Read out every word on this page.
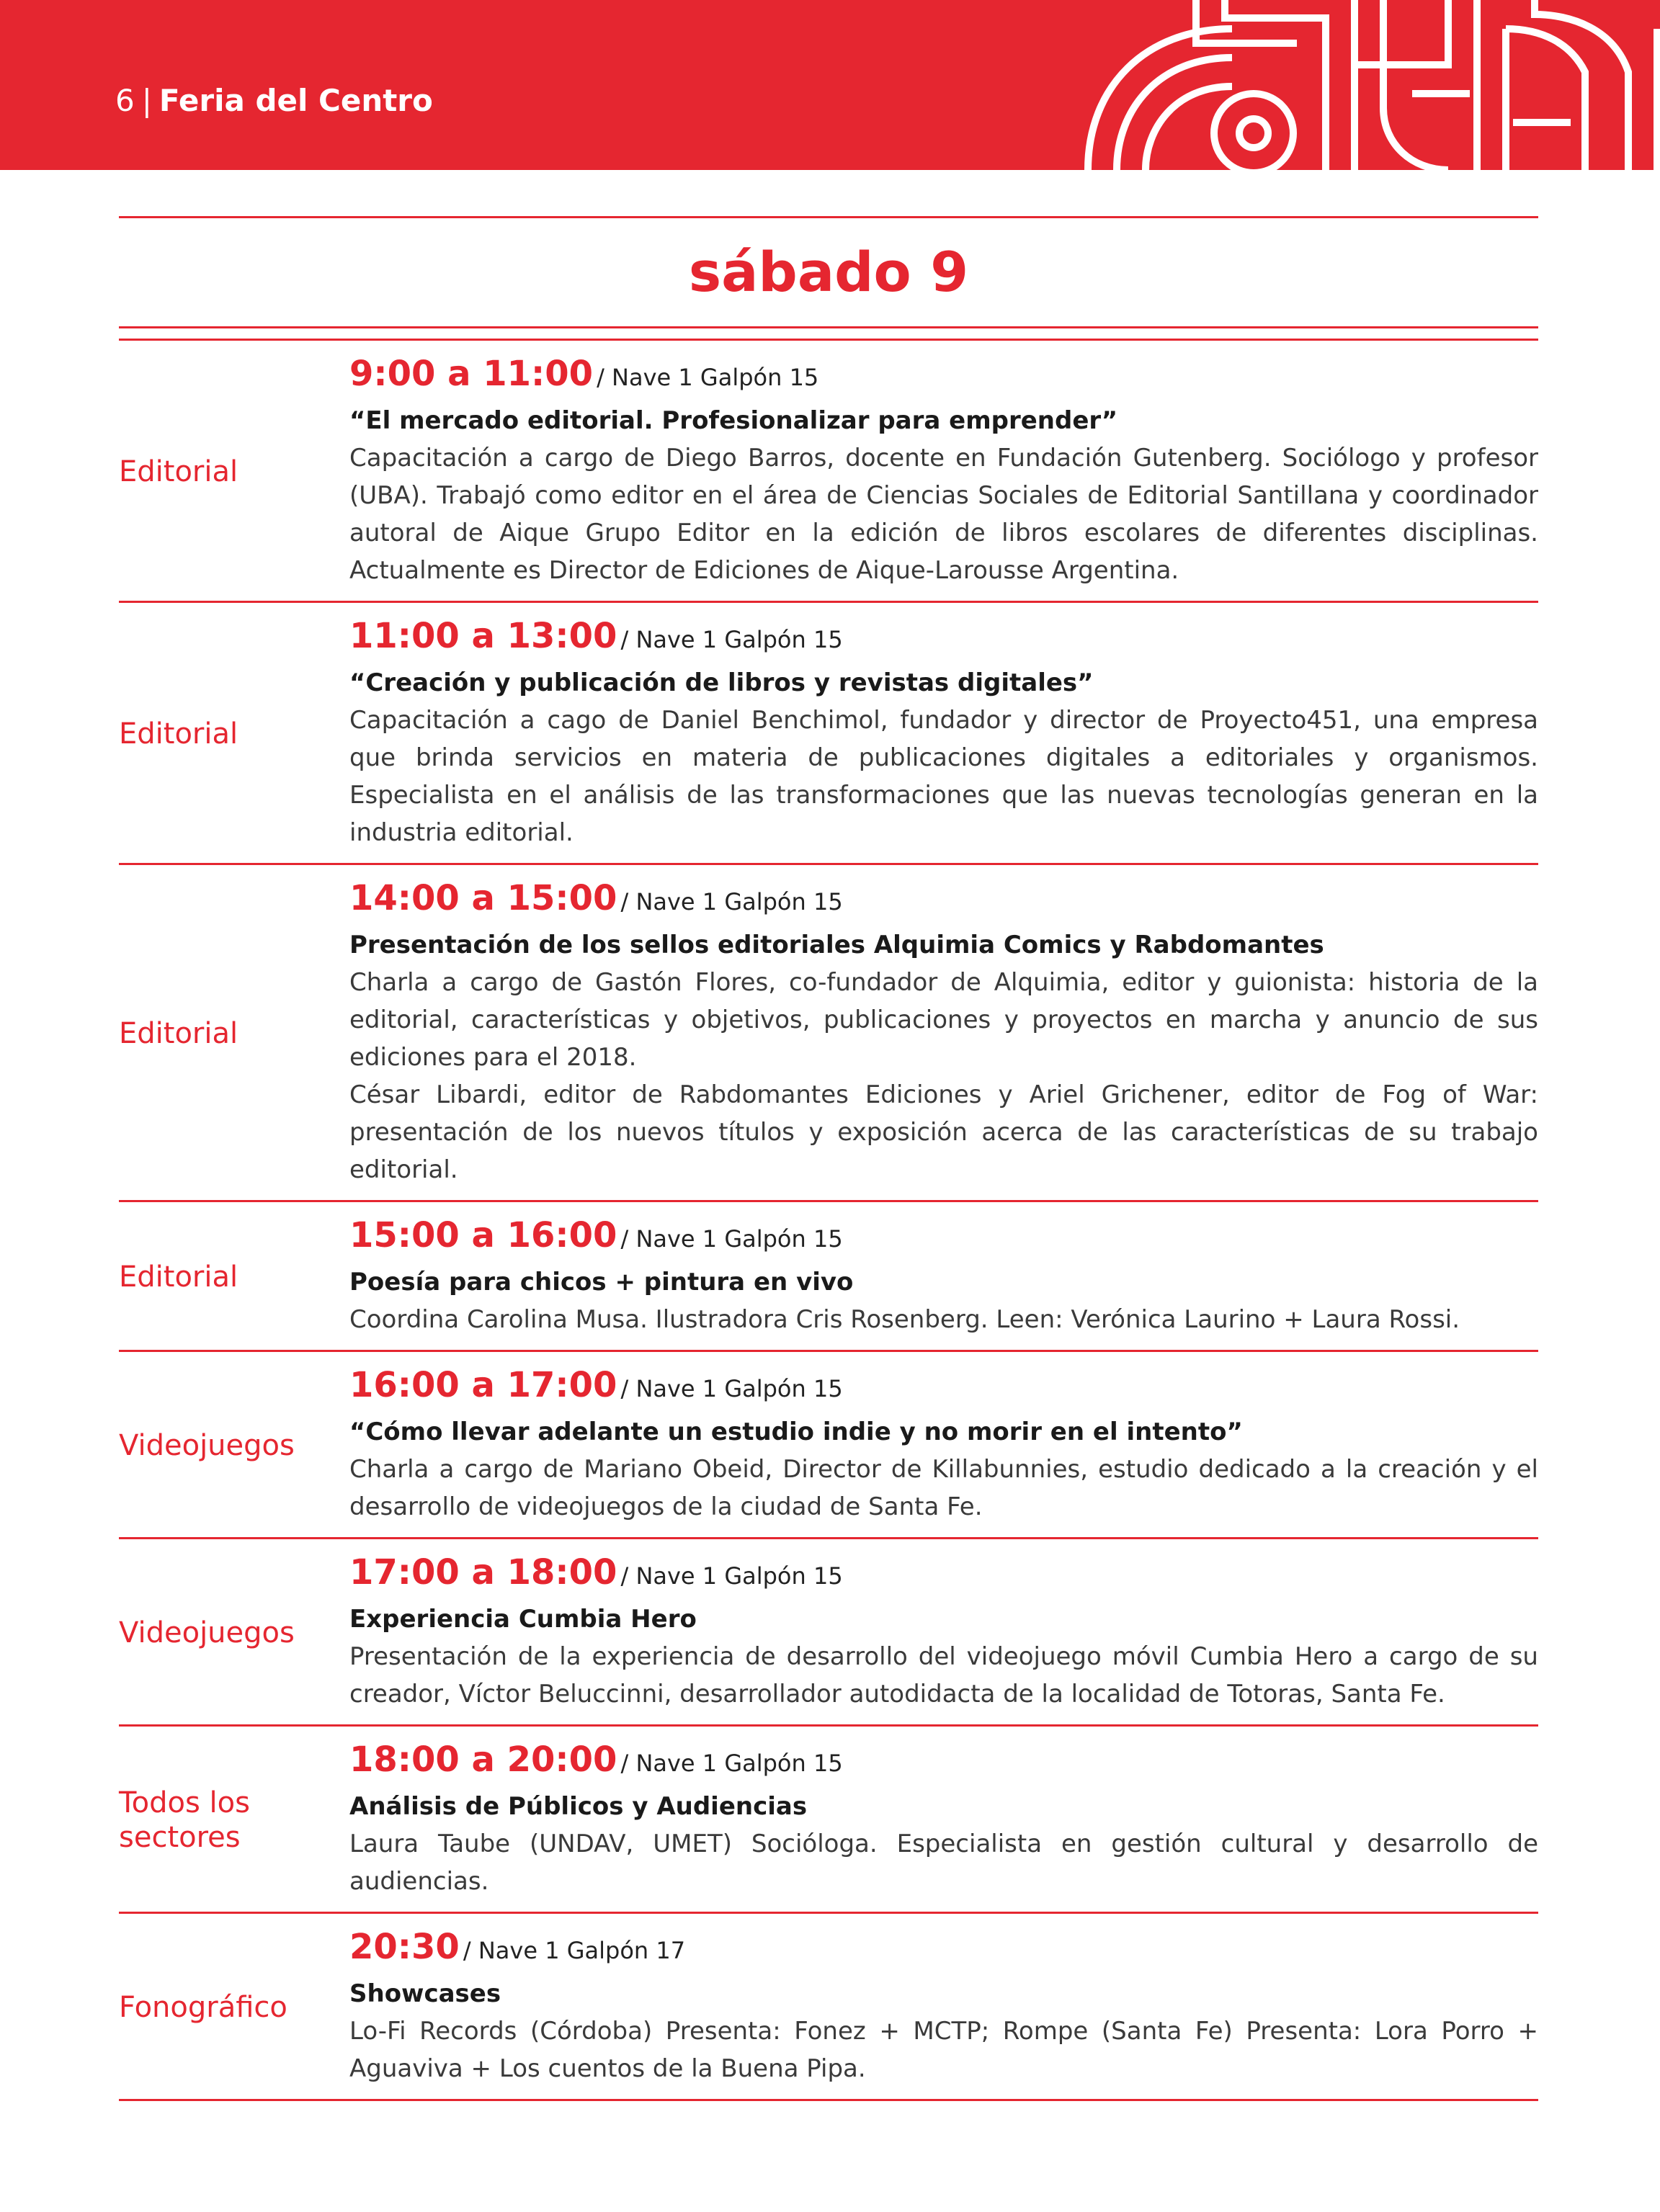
6 | Feria del Centro
sábado 9
Editorial
9:00 a 11:00 / Nave 1 Galpón 15
“El mercado editorial. Profesionalizar para emprender”

Capacitación a cargo de Diego Barros, docente en Fundación Gutenberg. Sociólogo y profesor (UBA). Trabajó como editor en el área de Ciencias Sociales de Editorial Santillana y coordinador autoral de Aique Grupo Editor en la edición de libros escolares de diferentes disciplinas. Actualmente es Director de Ediciones de Aique-Larousse Argentina.

Editorial
11:00 a 13:00 / Nave 1 Galpón 15
“Creación y publicación de libros y revistas digitales”

Capacitación a cago de Daniel Benchimol, fundador y director de Proyecto451, una empresa que brinda servicios en materia de publicaciones digitales a editoriales y organismos. Especialista en el análisis de las transformaciones que las nuevas tecnologías generan en la industria editorial.

Editorial
14:00 a 15:00 / Nave 1 Galpón 15
Presentación de los sellos editoriales Alquimia Comics y Rabdomantes

Charla a cargo de Gastón Flores, co-fundador de Alquimia, editor y guionista: historia de la editorial, características y objetivos, publicaciones y proyectos en marcha y anuncio de sus ediciones para el 2018.

César Libardi, editor de Rabdomantes Ediciones y Ariel Grichener, editor de Fog of War: presentación de los nuevos títulos y exposición acerca de las características de su trabajo editorial.

Editorial
15:00 a 16:00 / Nave 1 Galpón 15
Poesía para chicos + pintura en vivo

Coordina Carolina Musa. Ilustradora Cris Rosenberg. Leen: Verónica Laurino + Laura Rossi.

Videojuegos
16:00 a 17:00 / Nave 1 Galpón 15
“Cómo llevar adelante un estudio indie y no morir en el intento”

Charla a cargo de Mariano Obeid, Director de Killabunnies, estudio dedicado a la creación y el desarrollo de videojuegos de la ciudad de Santa Fe.

Videojuegos
17:00 a 18:00 / Nave 1 Galpón 15
Experiencia Cumbia Hero

Presentación de la experiencia de desarrollo del videojuego móvil Cumbia Hero a cargo de su creador, Víctor Beluccinni, desarrollador autodidacta de la localidad de Totoras, Santa Fe.

Todos los sectores
18:00 a 20:00 / Nave 1 Galpón 15
Análisis de Públicos y Audiencias

Laura Taube (UNDAV, UMET) Socióloga. Especialista en gestión cultural y desarrollo de audiencias.

Fonográfico
20:30 / Nave 1 Galpón 17
Showcases

Lo-Fi Records (Córdoba) Presenta: Fonez + MCTP; Rompe (Santa Fe) Presenta: Lora Porro + Aguaviva + Los cuentos de la Buena Pipa.
